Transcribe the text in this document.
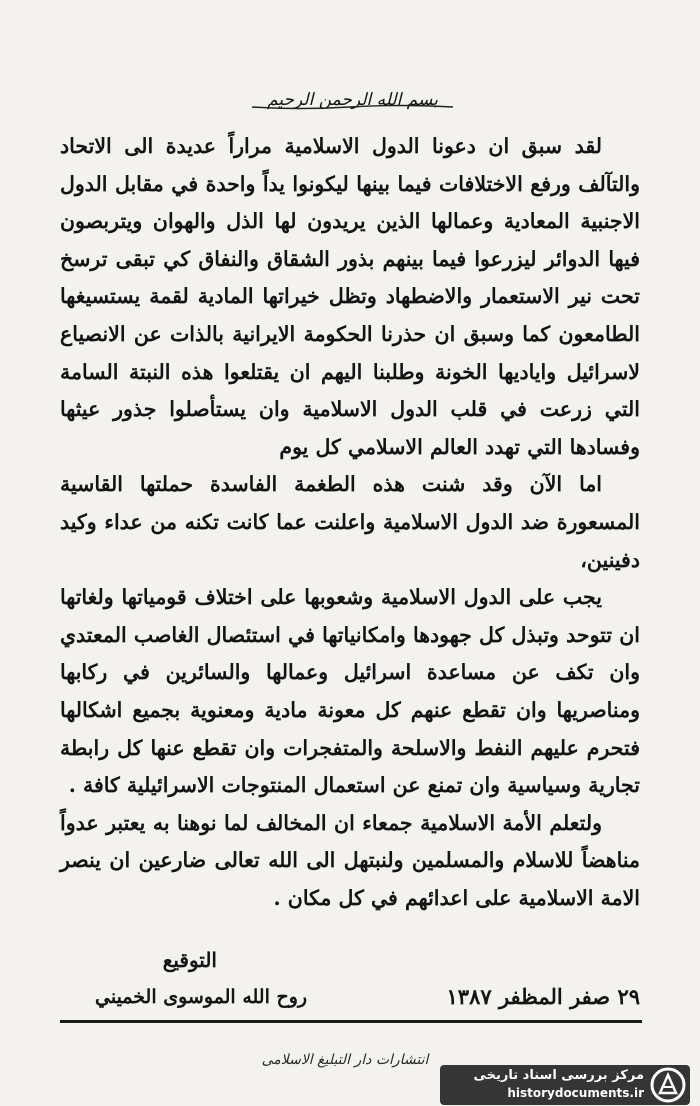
بسم الله الرحمن الرحيم

لقد سبق ان دعونا الدول الاسلامية مراراً عديدة الى الاتحاد والتآلف ورفع الاختلافات فيما بينها ليكونوا يداً واحدة في مقابل الدول الاجنبية المعادية وعمالها الذين يريدون لها الذل والهوان ويتربصون فيها الدوائر ليزرعوا فيما بينهم بذور الشقاق والنفاق كي تبقى ترسخ تحت نير الاستعمار والاضطهاد وتظل خيراتها المادية لقمة يستسيغها الطامعون كما وسبق ان حذرنا الحكومة الايرانية بالذات عن الانصياع لاسرائيل واياديها الخونة وطلبنا اليهم ان يقتلعوا هذه النبتة السامة التي زرعت في قلب الدول الاسلامية وان يستأصلوا جذور عيثها وفسادها التي تهدد العالم الاسلامي كل يوم

اما الآن وقد شنت هذه الطغمة الفاسدة حملتها القاسية المسعورة ضد الدول الاسلامية واعلنت عما كانت تكنه من عداء وكيد دفينين،

يجب على الدول الاسلامية وشعوبها على اختلاف قومياتها ولغاتها ان تتوحد وتبذل كل جهودها وامكانياتها في استئصال الغاصب المعتدي وان تكف عن مساعدة اسرائيل وعمالها والسائرين في ركابها ومناصريها وان تقطع عنهم كل معونة مادية ومعنوية بجميع اشكالها فتحرم عليهم النفط والاسلحة والمتفجرات وان تقطع عنها كل رابطة تجارية وسياسية وان تمنع عن استعمال المنتوجات الاسرائيلية كافة .

ولتعلم الأمة الاسلامية جمعاء ان المخالف لما نوهنا به يعتبر عدواً مناهضاً للاسلام والمسلمين ولنبتهل الى الله تعالى ضارعين ان ينصر الامة الاسلامية على اعدائهم في كل مكان .

التوقيع
۲۹ صفر المظفر ۱۳۸۷
روح الله الموسوى الخميني
انتشارات دار التبليغ الاسلامى
مرکز بررسی اسناد تاریخی
historydocuments.ir
